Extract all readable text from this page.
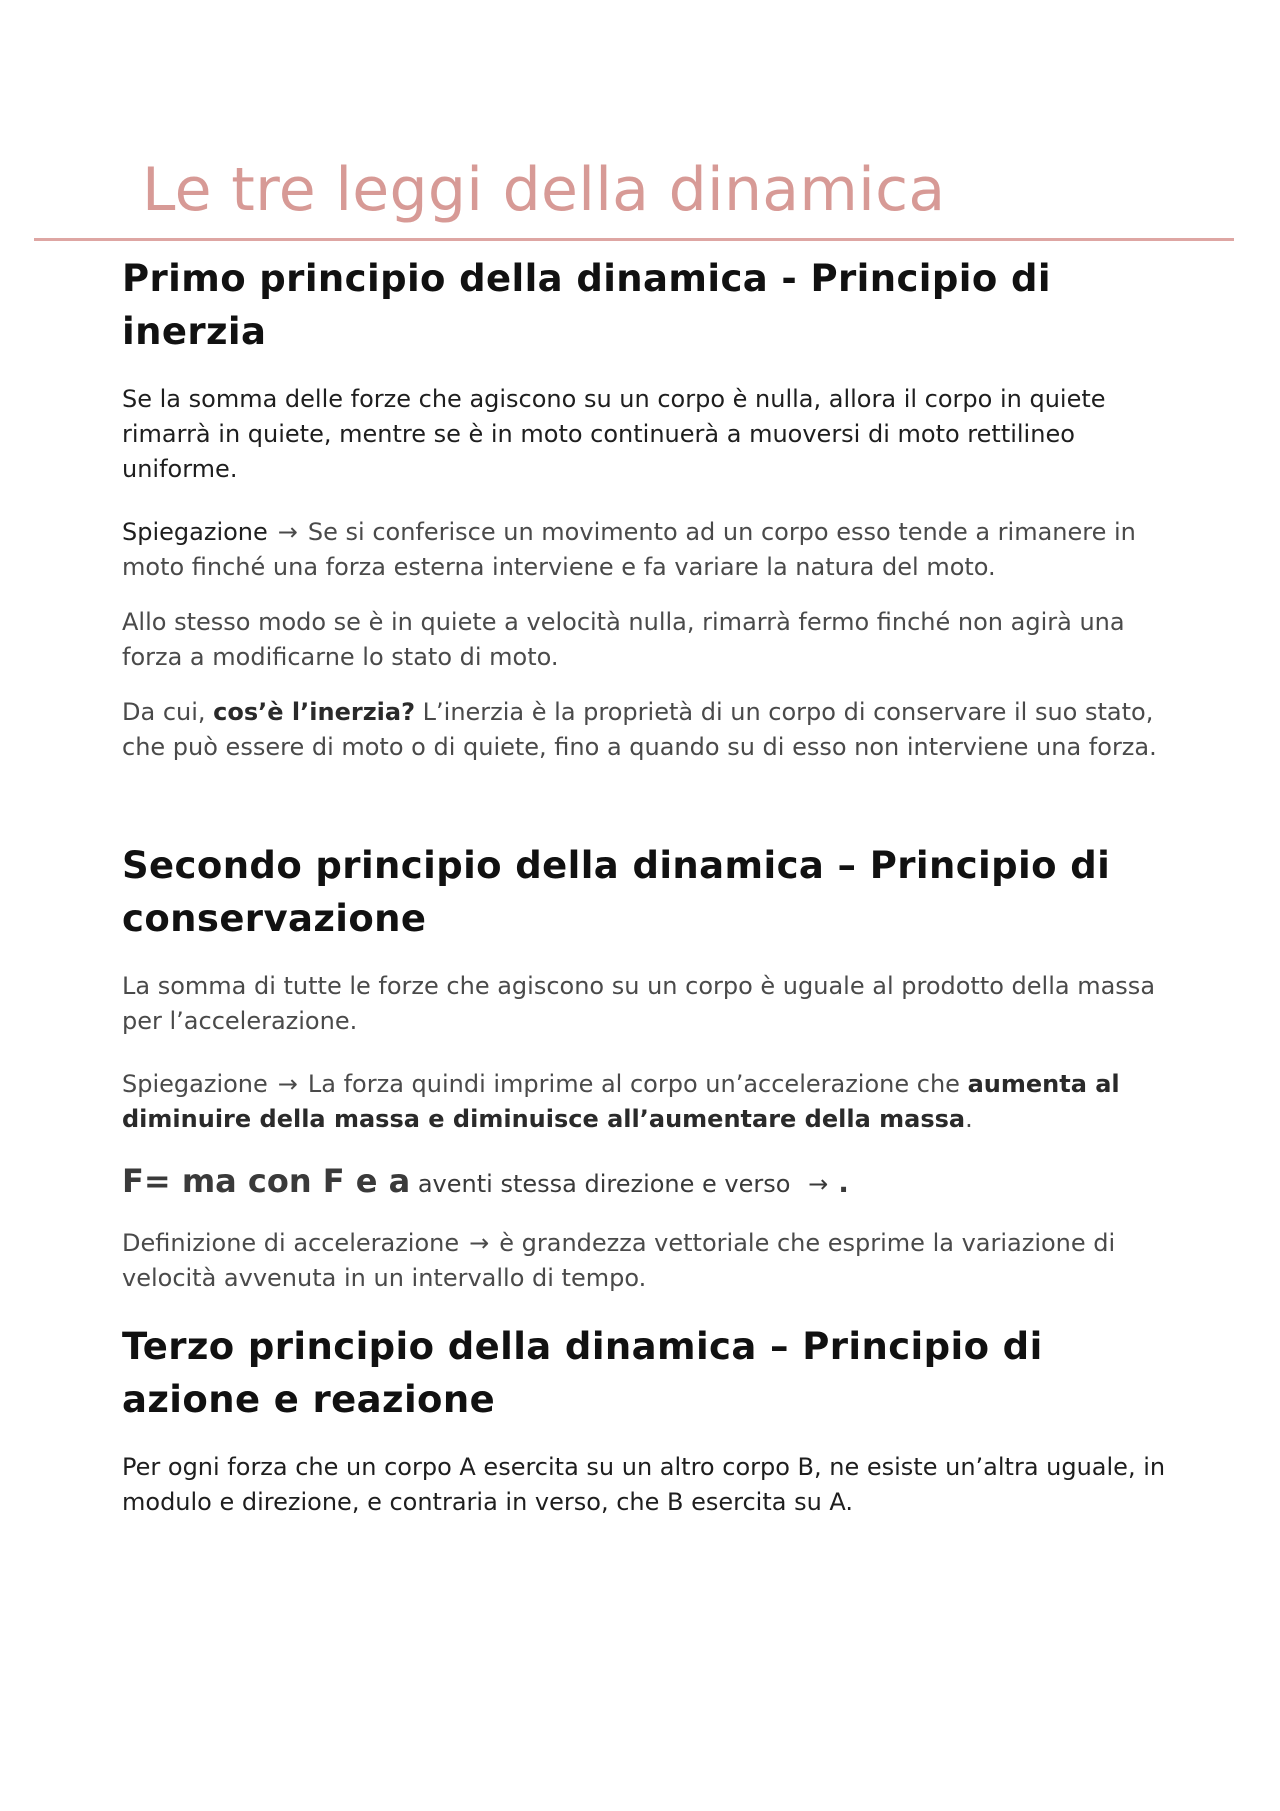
Le tre leggi della dinamica
Primo principio della dinamica - Principio di inerzia

Se la somma delle forze che agiscono su un corpo è nulla, allora il corpo in quiete rimarrà in quiete, mentre se è in moto continuerà a muoversi di moto rettilineo uniforme.

Spiegazione → Se si conferisce un movimento ad un corpo esso tende a rimanere in moto finché una forza esterna interviene e fa variare la natura del moto.

Allo stesso modo se è in quiete a velocità nulla, rimarrà fermo finché non agirà una forza a modificarne lo stato di moto.

Da cui, cos’è l’inerzia? L’inerzia è la proprietà di un corpo di conservare il suo stato, che può essere di moto o di quiete, fino a quando su di esso non interviene una forza.

Secondo principio della dinamica – Principio di conservazione

La somma di tutte le forze che agiscono su un corpo è uguale al prodotto della massa per l’accelerazione.

Spiegazione → La forza quindi imprime al corpo un’accelerazione che aumenta al diminuire della massa e diminuisce all’aumentare della massa.

F= ma con F e a aventi stessa direzione e verso → .

Definizione di accelerazione → è grandezza vettoriale che esprime la variazione di velocità avvenuta in un intervallo di tempo.

Terzo principio della dinamica – Principio di azione e reazione

Per ogni forza che un corpo A esercita su un altro corpo B, ne esiste un’altra uguale, in modulo e direzione, e contraria in verso, che B esercita su A.
